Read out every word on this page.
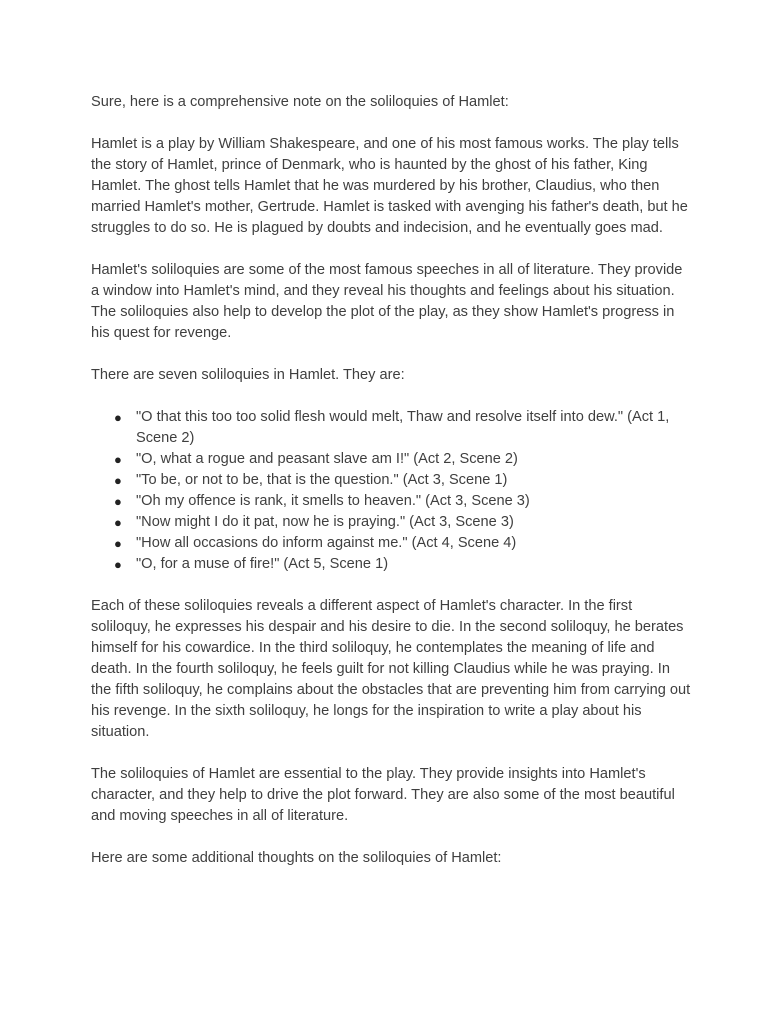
Sure, here is a comprehensive note on the soliloquies of Hamlet:

Hamlet is a play by William Shakespeare, and one of his most famous works. The play tells the story of Hamlet, prince of Denmark, who is haunted by the ghost of his father, King Hamlet. The ghost tells Hamlet that he was murdered by his brother, Claudius, who then married Hamlet's mother, Gertrude. Hamlet is tasked with avenging his father's death, but he struggles to do so. He is plagued by doubts and indecision, and he eventually goes mad.

Hamlet's soliloquies are some of the most famous speeches in all of literature. They provide a window into Hamlet's mind, and they reveal his thoughts and feelings about his situation. The soliloquies also help to develop the plot of the play, as they show Hamlet's progress in his quest for revenge.

There are seven soliloquies in Hamlet. They are:

● "O that this too too solid flesh would melt, Thaw and resolve itself into dew." (Act 1, Scene 2)
● "O, what a rogue and peasant slave am I!" (Act 2, Scene 2)
● "To be, or not to be, that is the question." (Act 3, Scene 1)
● "Oh my offence is rank, it smells to heaven." (Act 3, Scene 3)
● "Now might I do it pat, now he is praying." (Act 3, Scene 3)
● "How all occasions do inform against me." (Act 4, Scene 4)
● "O, for a muse of fire!" (Act 5, Scene 1)

Each of these soliloquies reveals a different aspect of Hamlet's character. In the first soliloquy, he expresses his despair and his desire to die. In the second soliloquy, he berates himself for his cowardice. In the third soliloquy, he contemplates the meaning of life and death. In the fourth soliloquy, he feels guilt for not killing Claudius while he was praying. In the fifth soliloquy, he complains about the obstacles that are preventing him from carrying out his revenge. In the sixth soliloquy, he longs for the inspiration to write a play about his situation.

The soliloquies of Hamlet are essential to the play. They provide insights into Hamlet's character, and they help to drive the plot forward. They are also some of the most beautiful and moving speeches in all of literature.

Here are some additional thoughts on the soliloquies of Hamlet:
